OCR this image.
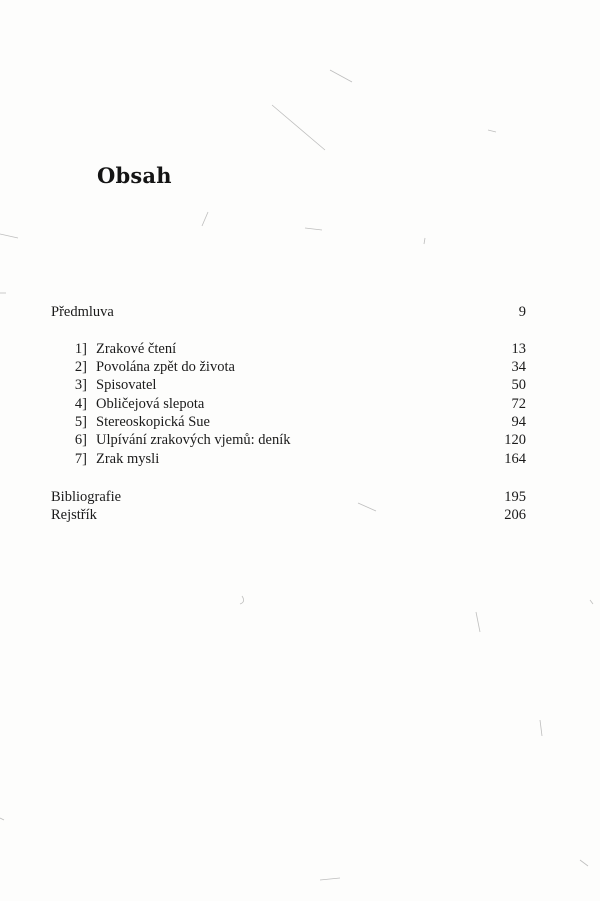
Obsah
Předmluva	9
1] Zrakové čtení	13
2] Povolána zpět do života	34
3] Spisovatel	50
4] Obličejová slepota	72
5] Stereoskopická Sue	94
6] Ulpívání zrakových vjemů: deník	120
7] Zrak mysli	164
Bibliografie	195
Rejstřík	206
